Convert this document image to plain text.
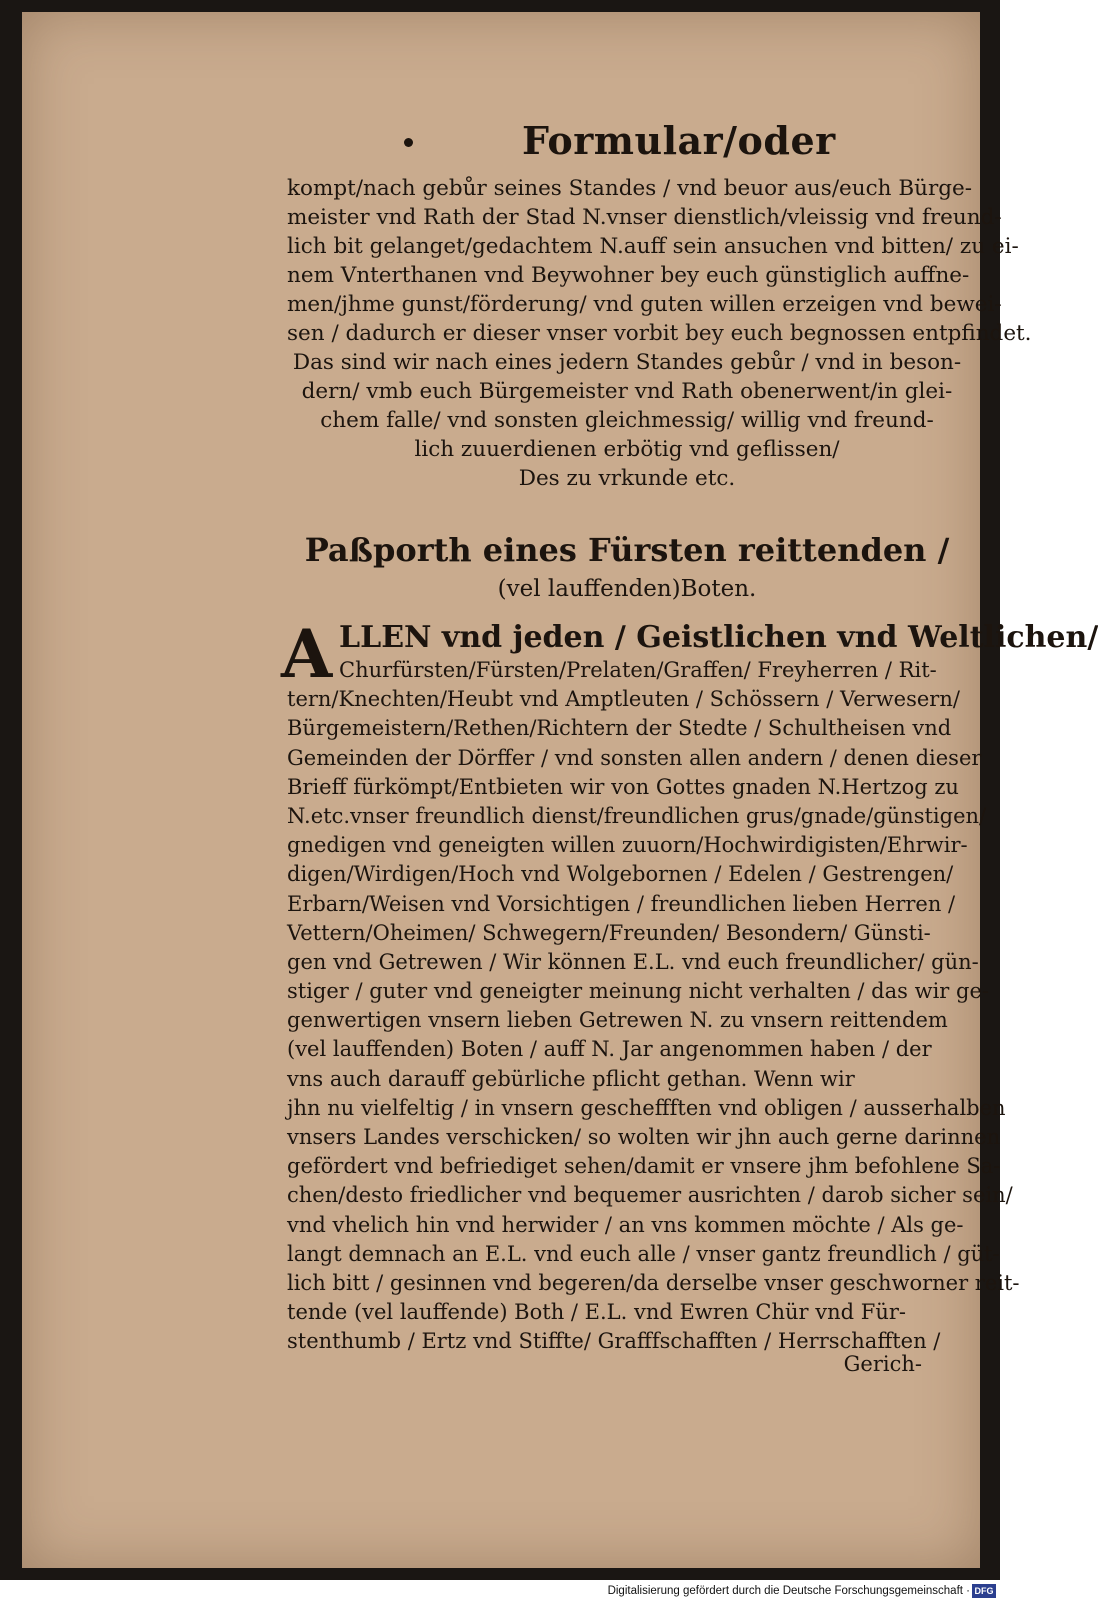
Formular/oder
kompt/nach gebůr seines Standes / vnd beuor aus/euch Bürge-
meister vnd Rath der Stad N.vnser dienstlich/vleissig vnd freund-
lich bit gelanget/gedachtem N.auff sein ansuchen vnd bitten/ zu ei-
nem Vnterthanen vnd Beywohner bey euch günstiglich auffne-
men/jhme gunst/förderung/ vnd guten willen erzeigen vnd bewei-
sen / dadurch er dieser vnser vorbit bey euch begnossen entpfindet.
Das sind wir nach eines jedern Standes gebůr / vnd in beson-
dern/ vmb euch Bürgemeister vnd Rath obenerwent/in glei-
chem falle/ vnd sonsten gleichmessig/ willig vnd freund-
lich zuuerdienen erbötig vnd geflissen/
Des zu vrkunde etc.
Paßporth eines Fürsten reittenden /
(vel lauffenden)Boten.
A LLEN vnd jeden / Geistlichen vnd Weltlichen/
Churfürsten/Fürsten/Prelaten/Graffen/ Freyherren / Rit-
tern/Knechten/Heubt vnd Amptleuten / Schössern / Verwesern/
Bürgemeistern/Rethen/Richtern der Stedte / Schultheisen vnd
Gemeinden der Dörffer / vnd sonsten allen andern / denen dieser
Brieff fürkömpt/Entbieten wir von Gottes gnaden N.Hertzog zu
N.etc.vnser freundlich dienst/freundlichen grus/gnade/günstigen/
gnedigen vnd geneigten willen zuuorn/Hochwirdigisten/Ehrwir-
digen/Wirdigen/Hoch vnd Wolgebornen / Edelen / Gestrengen/
Erbarn/Weisen vnd Vorsichtigen / freundlichen lieben Herren /
Vettern/Oheimen/ Schwegern/Freunden/ Besondern/ Günsti-
gen vnd Getrewen / Wir können E.L. vnd euch freundlicher/ gün-
stiger / guter vnd geneigter meinung nicht verhalten / das wir ge-
genwertigen vnsern lieben Getrewen N. zu vnsern reittendem
(vel lauffenden) Boten / auff N. Jar angenommen haben / der
vns auch darauff gebürliche pflicht gethan. Wenn wir
jhn nu vielfeltig / in vnsern gescheffften vnd obligen / ausserhalben
vnsers Landes verschicken/ so wolten wir jhn auch gerne darinnen
gefördert vnd befriediget sehen/damit er vnsere jhm befohlene Sa-
chen/desto friedlicher vnd bequemer ausrichten / darob sicher sein/
vnd vhelich hin vnd herwider / an vns kommen möchte / Als ge-
langt demnach an E.L. vnd euch alle / vnser gantz freundlich / güt-
lich bitt / gesinnen vnd begeren/da derselbe vnser geschworner reit-
tende (vel lauffende) Both / E.L. vnd Ewren Chür vnd Für-
stenthumb / Ertz vnd Stiffte/ Grafffschafften / Herrschafften /
Gerich-
Digitalisierung gefördert durch die Deutsche Forschungsgemeinschaft · DFG
